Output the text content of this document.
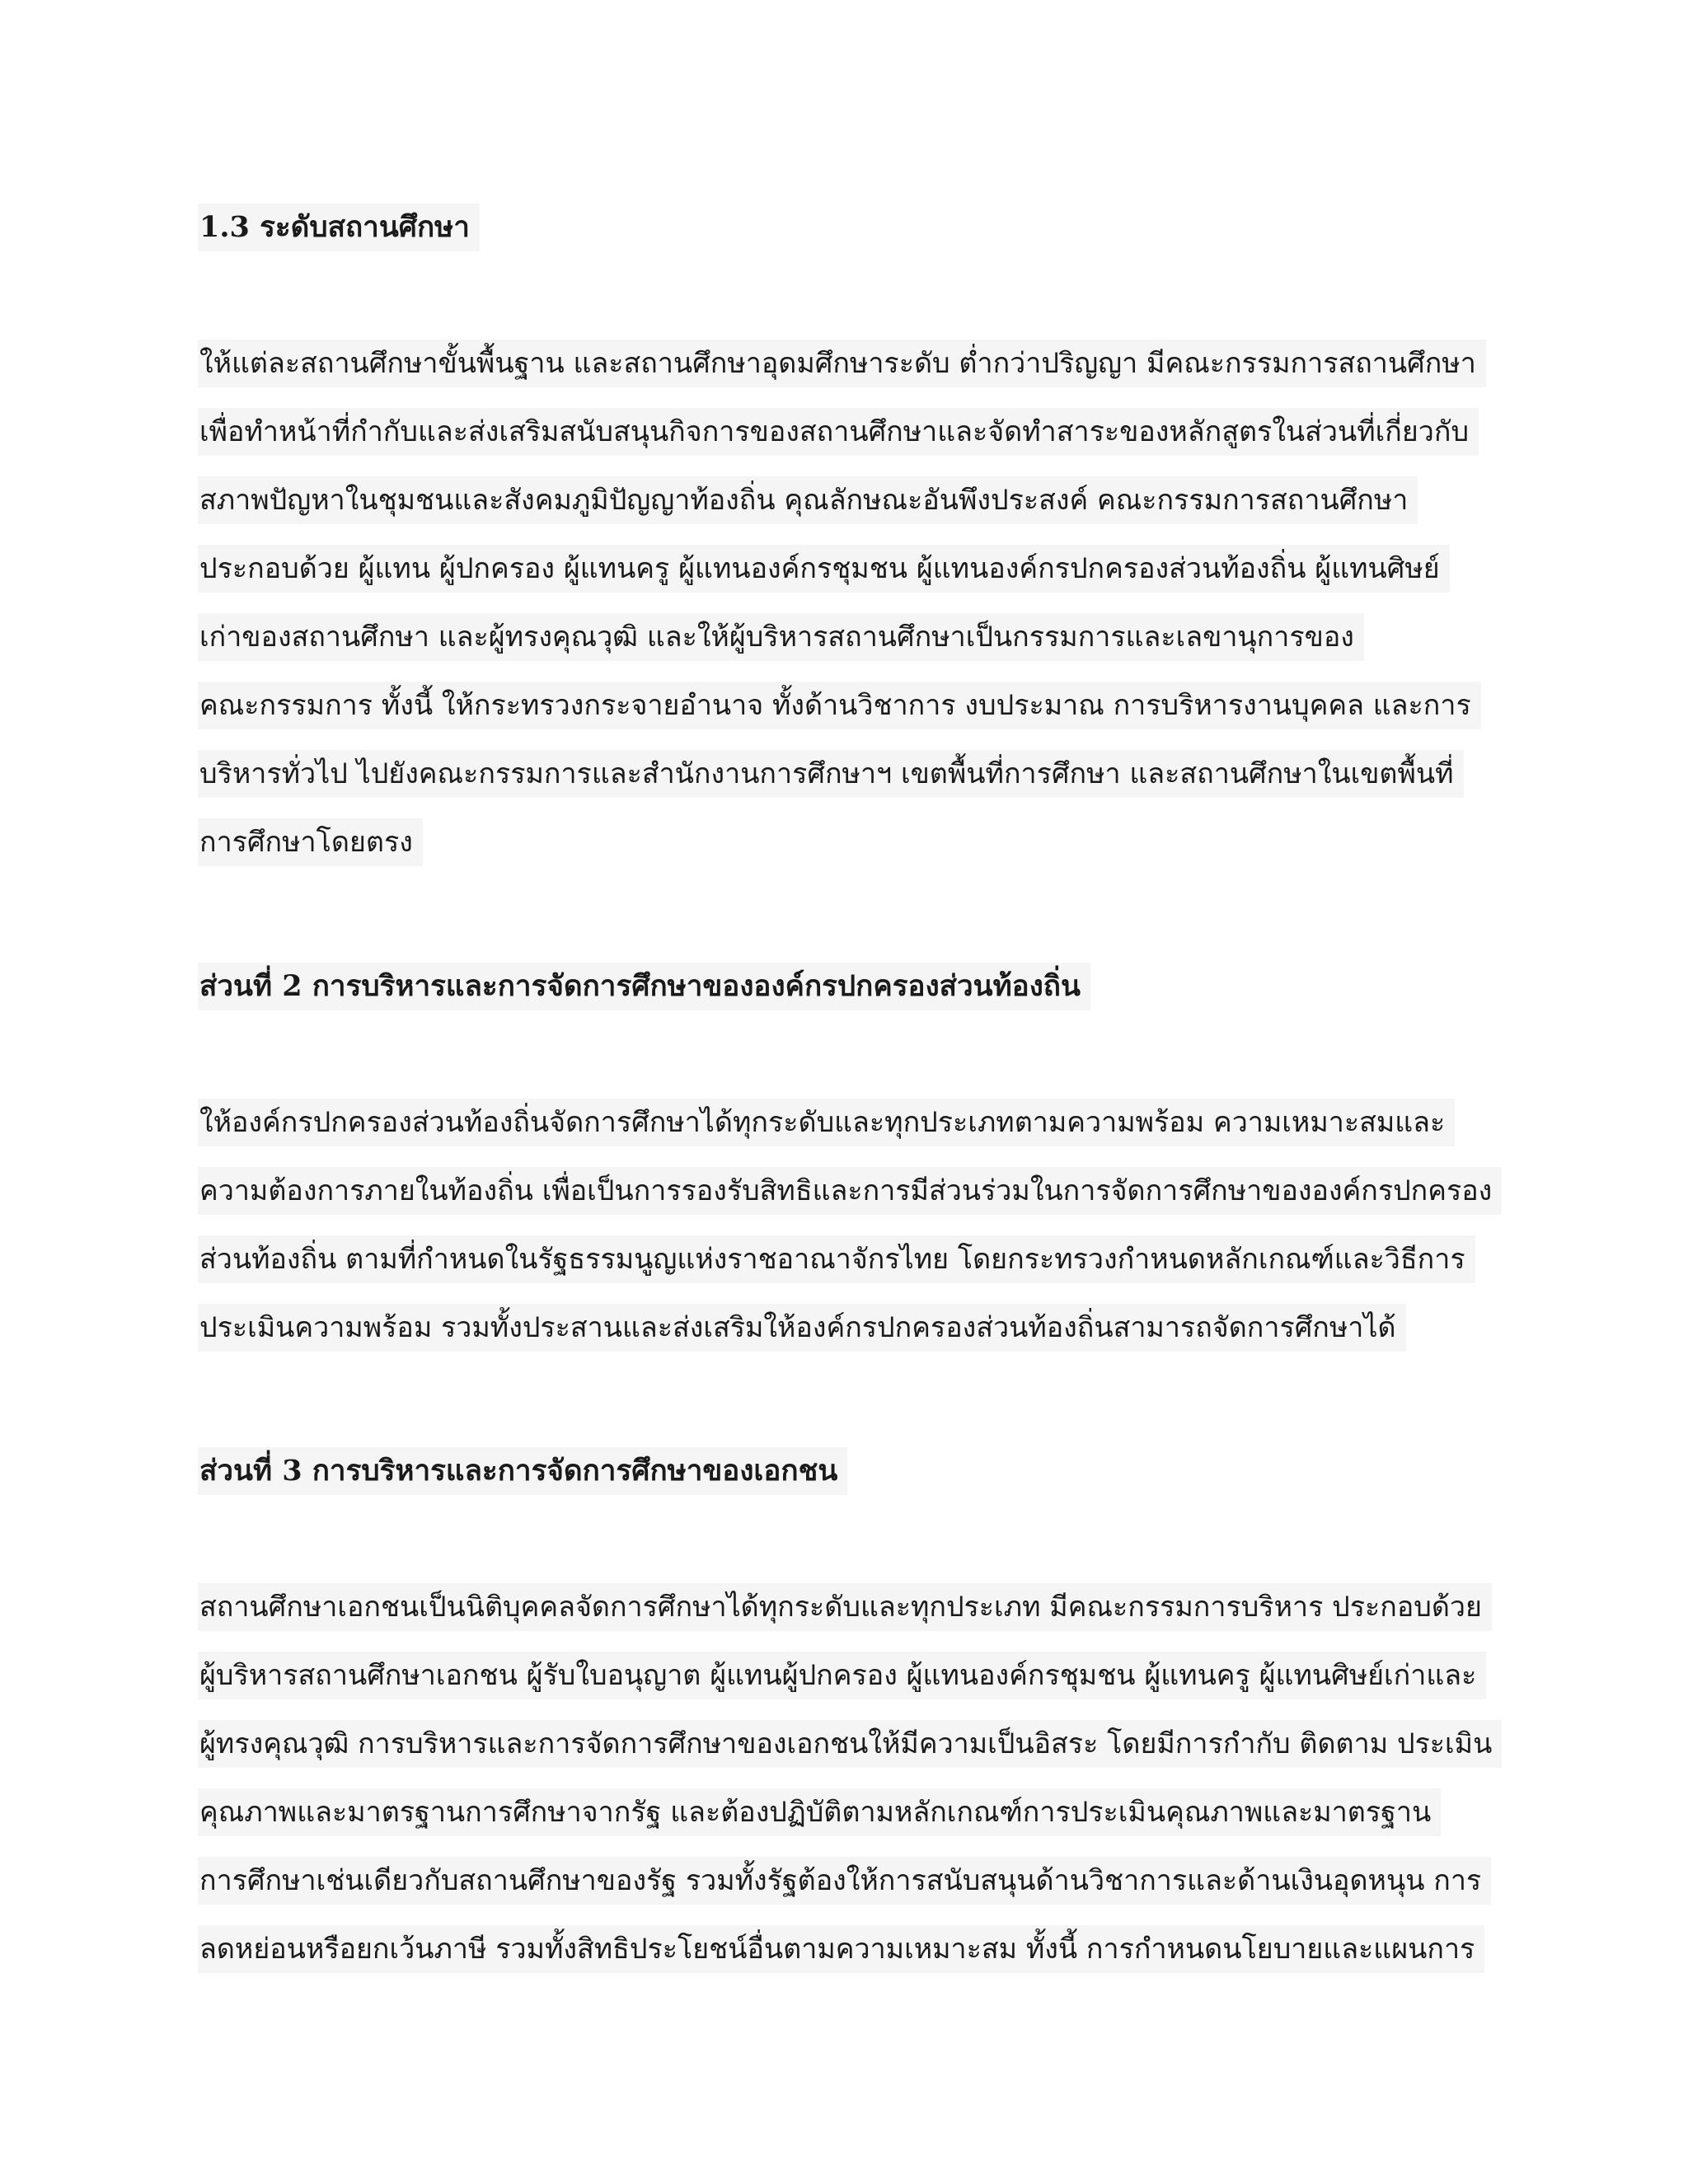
1.3 ระดับสถานศึกษา
ให้แต่ละสถานศึกษาขั้นพื้นฐาน และสถานศึกษาอุดมศึกษาระดับ ต่ำกว่าปริญญา มีคณะกรรมการสถานศึกษา
เพื่อทำหน้าที่กำกับและส่งเสริมสนับสนุนกิจการของสถานศึกษาและจัดทำสาระของหลักสูตรในส่วนที่เกี่ยวกับ
สภาพปัญหาในชุมชนและสังคมภูมิปัญญาท้องถิ่น คุณลักษณะอันพึงประสงค์ คณะกรรมการสถานศึกษา
ประกอบด้วย ผู้แทน ผู้ปกครอง ผู้แทนครู ผู้แทนองค์กรชุมชน ผู้แทนองค์กรปกครองส่วนท้องถิ่น ผู้แทนศิษย์
เก่าของสถานศึกษา และผู้ทรงคุณวุฒิ และให้ผู้บริหารสถานศึกษาเป็นกรรมการและเลขานุการของ
คณะกรรมการ ทั้งนี้ ให้กระทรวงกระจายอำนาจ ทั้งด้านวิชาการ งบประมาณ การบริหารงานบุคคล และการ
บริหารทั่วไป ไปยังคณะกรรมการและสำนักงานการศึกษาฯ เขตพื้นที่การศึกษา และสถานศึกษาในเขตพื้นที่
การศึกษาโดยตรง
ส่วนที่ 2 การบริหารและการจัดการศึกษาขององค์กรปกครองส่วนท้องถิ่น
ให้องค์กรปกครองส่วนท้องถิ่นจัดการศึกษาได้ทุกระดับและทุกประเภทตามความพร้อม ความเหมาะสมและ
ความต้องการภายในท้องถิ่น เพื่อเป็นการรองรับสิทธิและการมีส่วนร่วมในการจัดการศึกษาขององค์กรปกครอง
ส่วนท้องถิ่น ตามที่กำหนดในรัฐธรรมนูญแห่งราชอาณาจักรไทย โดยกระทรวงกำหนดหลักเกณฑ์และวิธีการ
ประเมินความพร้อม รวมทั้งประสานและส่งเสริมให้องค์กรปกครองส่วนท้องถิ่นสามารถจัดการศึกษาได้
ส่วนที่ 3 การบริหารและการจัดการศึกษาของเอกชน
สถานศึกษาเอกชนเป็นนิติบุคคลจัดการศึกษาได้ทุกระดับและทุกประเภท มีคณะกรรมการบริหาร ประกอบด้วย
ผู้บริหารสถานศึกษาเอกชน ผู้รับใบอนุญาต ผู้แทนผู้ปกครอง ผู้แทนองค์กรชุมชน ผู้แทนครู ผู้แทนศิษย์เก่าและ
ผู้ทรงคุณวุฒิ การบริหารและการจัดการศึกษาของเอกชนให้มีความเป็นอิสระ โดยมีการกำกับ ติดตาม ประเมิน
คุณภาพและมาตรฐานการศึกษาจากรัฐ และต้องปฏิบัติตามหลักเกณฑ์การประเมินคุณภาพและมาตรฐาน
การศึกษาเช่นเดียวกับสถานศึกษาของรัฐ รวมทั้งรัฐต้องให้การสนับสนุนด้านวิชาการและด้านเงินอุดหนุน การ
ลดหย่อนหรือยกเว้นภาษี รวมทั้งสิทธิประโยชน์อื่นตามความเหมาะสม ทั้งนี้ การกำหนดนโยบายและแผนการ
